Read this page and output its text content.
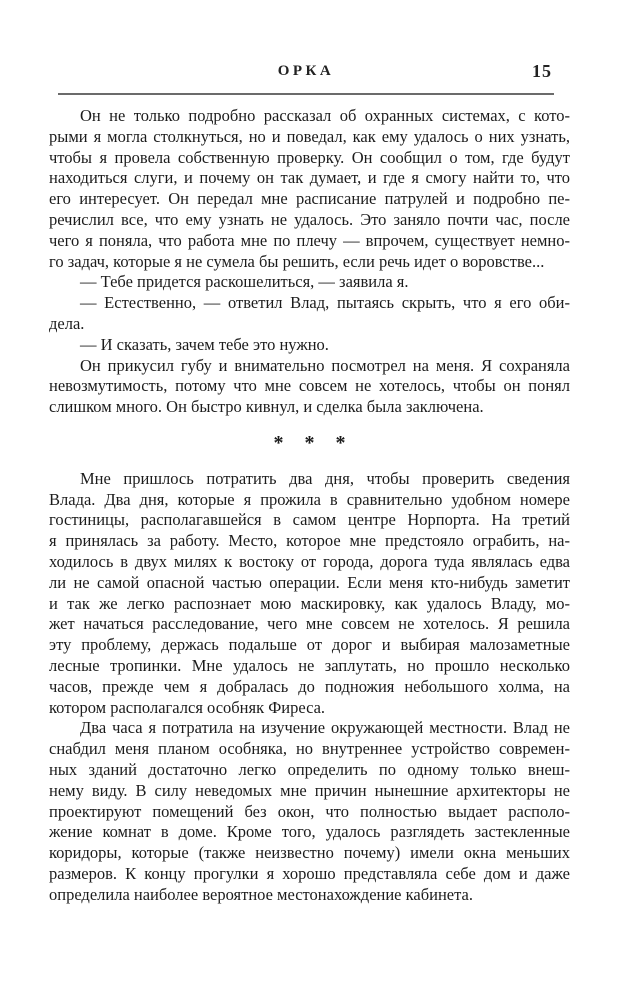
ОРКА	15
Он не только подробно рассказал об охранных системах, с кото-
рыми я могла столкнуться, но и поведал, как ему удалось о них узнать,
чтобы я провела собственную проверку. Он сообщил о том, где будут
находиться слуги, и почему он так думает, и где я смогу найти то, что
его интересует. Он передал мне расписание патрулей и подробно пе-
речислил все, что ему узнать не удалось. Это заняло почти час, после
чего я поняла, что работа мне по плечу — впрочем, существует немно-
го задач, которые я не сумела бы решить, если речь идет о воровстве...
— Тебе придется раскошелиться, — заявила я.
— Естественно, — ответил Влад, пытаясь скрыть, что я его оби-
дела.
— И сказать, зачем тебе это нужно.
Он прикусил губу и внимательно посмотрел на меня. Я сохраняла
невозмутимость, потому что мне совсем не хотелось, чтобы он понял
слишком много. Он быстро кивнул, и сделка была заключена.
* * *
Мне пришлось потратить два дня, чтобы проверить сведения
Влада. Два дня, которые я прожила в сравнительно удобном номере
гостиницы, располагавшейся в самом центре Норпорта. На третий
я принялась за работу. Место, которое мне предстояло ограбить, на-
ходилось в двух милях к востоку от города, дорога туда являлась едва
ли не самой опасной частью операции. Если меня кто-нибудь заметит
и так же легко распознает мою маскировку, как удалось Владу, мо-
жет начаться расследование, чего мне совсем не хотелось. Я решила
эту проблему, держась подальше от дорог и выбирая малозаметные
лесные тропинки. Мне удалось не заплутать, но прошло несколько
часов, прежде чем я добралась до подножия небольшого холма, на
котором располагался особняк Фиреса.
Два часа я потратила на изучение окружающей местности. Влад не
снабдил меня планом особняка, но внутреннее устройство современ-
ных зданий достаточно легко определить по одному только внеш-
нему виду. В силу неведомых мне причин нынешние архитекторы не
проектируют помещений без окон, что полностью выдает располо-
жение комнат в доме. Кроме того, удалось разглядеть застекленные
коридоры, которые (также неизвестно почему) имели окна меньших
размеров. К концу прогулки я хорошо представляла себе дом и даже
определила наиболее вероятное местонахождение кабинета.
